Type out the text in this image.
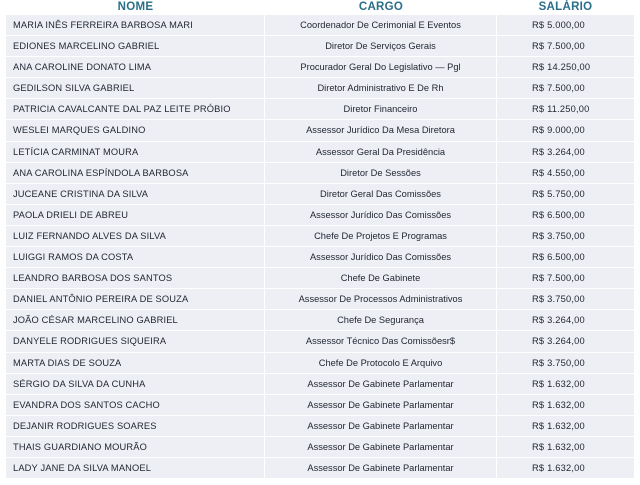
NOME	CARGO	SALÁRIO
MARIA INÊS FERREIRA BARBOSA MARI	Coordenador De Cerimonial E Eventos	R$ 5.000,00
EDIONES MARCELINO GABRIEL	Diretor De Serviços Gerais	R$ 7.500,00
ANA CAROLINE DONATO LIMA	Procurador Geral Do Legislativo — Pgl	R$ 14.250,00
GEDILSON SILVA GABRIEL	Diretor Administrativo E De Rh	R$ 7.500,00
PATRICIA CAVALCANTE DAL PAZ LEITE PRÓBIO	Diretor Financeiro	R$ 11.250,00
WESLEI MARQUES GALDINO	Assessor Jurídico Da Mesa Diretora	R$ 9.000,00
LETÍCIA CARMINAT MOURA	Assessor Geral Da Presidência	R$ 3.264,00
ANA CAROLINA ESPÍNDOLA BARBOSA	Diretor De Sessões	R$ 4.550,00
JUCEANE CRISTINA DA SILVA	Diretor Geral Das Comissões	R$ 5.750,00
PAOLA DRIELI DE ABREU	Assessor Jurídico Das Comissões	R$ 6.500,00
LUIZ FERNANDO ALVES DA SILVA	Chefe De Projetos E Programas	R$ 3.750,00
LUIGGI RAMOS DA COSTA	Assessor Jurídico Das Comissões	R$ 6.500,00
LEANDRO BARBOSA DOS SANTOS	Chefe De Gabinete	R$ 7.500,00
DANIEL ANTÔNIO PEREIRA DE SOUZA	Assessor De Processos Administrativos	R$ 3.750,00
JOÃO CÉSAR MARCELINO GABRIEL	Chefe De Segurança	R$ 3.264,00
DANYELE RODRIGUES SIQUEIRA	Assessor Técnico Das Comissõesr$	R$ 3.264,00
MARTA DIAS DE SOUZA	Chefe De Protocolo E Arquivo	R$ 3.750,00
SÉRGIO DA SILVA DA CUNHA	Assessor De Gabinete Parlamentar	R$ 1.632,00
EVANDRA DOS SANTOS CACHO	Assessor De Gabinete Parlamentar	R$ 1.632,00
DEJANIR RODRIGUES SOARES	Assessor De Gabinete Parlamentar	R$ 1.632,00
THAIS GUARDIANO MOURÃO	Assessor De Gabinete Parlamentar	R$ 1.632,00
LADY JANE DA SILVA MANOEL	Assessor De Gabinete Parlamentar	R$ 1.632,00
